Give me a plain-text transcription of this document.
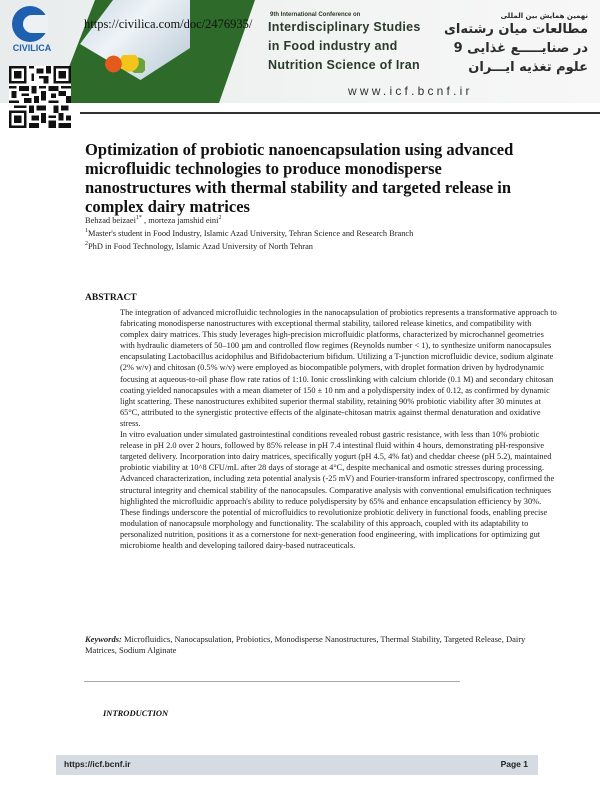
9th International Conference on
Interdisciplinary Studies
in Food industry and
Nutrition Science of Iran
نهمین همایش بین المللی
مطالعات میان رشته‌ای
در صنایـــــع غذایی 9
علوم تغذیه ایـــران
www.icf.bcnf.ir
CIVILICA
https://civilica.com/doc/2476935/
Optimization of probiotic nanoencapsulation using advanced microfluidic technologies to produce monodisperse nanostructures with thermal stability and targeted release in complex dairy matrices
Behzad beizaei$^{1*}$ , morteza jamshid eini$^2$
$^1$Master's student in Food Industry, Islamic Azad University, Tehran Science and Research Branch
$^2$PhD in Food Technology, Islamic Azad University of North Tehran
ABSTRACT

The integration of advanced microfluidic technologies in the nanocapsulation of probiotics represents a transformative approach to fabricating monodisperse nanostructures with exceptional thermal stability, tailored release kinetics, and compatibility with complex dairy matrices. This study leverages high-precision microfluidic platforms, characterized by microchannel geometries with hydraulic diameters of 50–100 µm and controlled flow regimes (Reynolds number < 1), to synthesize uniform nanocapsules encapsulating Lactobacillus acidophilus and Bifidobacterium bifidum. Utilizing a T-junction microfluidic device, sodium alginate (2% w/v) and chitosan (0.5% w/v) were employed as biocompatible polymers, with droplet formation driven by hydrodynamic focusing at aqueous-to-oil phase flow rate ratios of 1:10. Ionic crosslinking with calcium chloride (0.1 M) and secondary chitosan coating yielded nanocapsules with a mean diameter of 150 ± 10 nm and a polydispersity index of 0.12, as confirmed by dynamic light scattering. These nanostructures exhibited superior thermal stability, retaining 90% probiotic viability after 30 minutes at 65°C, attributed to the synergistic protective effects of the alginate-chitosan matrix against thermal denaturation and oxidative stress.

In vitro evaluation under simulated gastrointestinal conditions revealed robust gastric resistance, with less than 10% probiotic release in pH 2.0 over 2 hours, followed by 85% release in pH 7.4 intestinal fluid within 4 hours, demonstrating pH-responsive targeted delivery. Incorporation into dairy matrices, specifically yogurt (pH 4.5, 4% fat) and cheddar cheese (pH 5.2), maintained probiotic viability at 10^8 CFU/mL after 28 days of storage at 4°C, despite mechanical and osmotic stresses during processing. Advanced characterization, including zeta potential analysis (-25 mV) and Fourier-transform infrared spectroscopy, confirmed the structural integrity and chemical stability of the nanocapsules. Comparative analysis with conventional emulsification techniques highlighted the microfluidic approach's ability to reduce polydispersity by 65% and enhance encapsulation efficiency by 30%. These findings underscore the potential of microfluidics to revolutionize probiotic delivery in functional foods, enabling precise modulation of nanocapsule morphology and functionality. The scalability of this approach, coupled with its adaptability to personalized nutrition, positions it as a cornerstone for next-generation food engineering, with implications for optimizing gut microbiome health and developing tailored dairy-based nutraceuticals.

Keywords: Microfluidics, Nanocapsulation, Probiotics, Monodisperse Nanostructures, Thermal Stability, Targeted Release, Dairy Matrices, Sodium Alginate
INTRODUCTION
https://icf.bcnf.ir	Page 1
